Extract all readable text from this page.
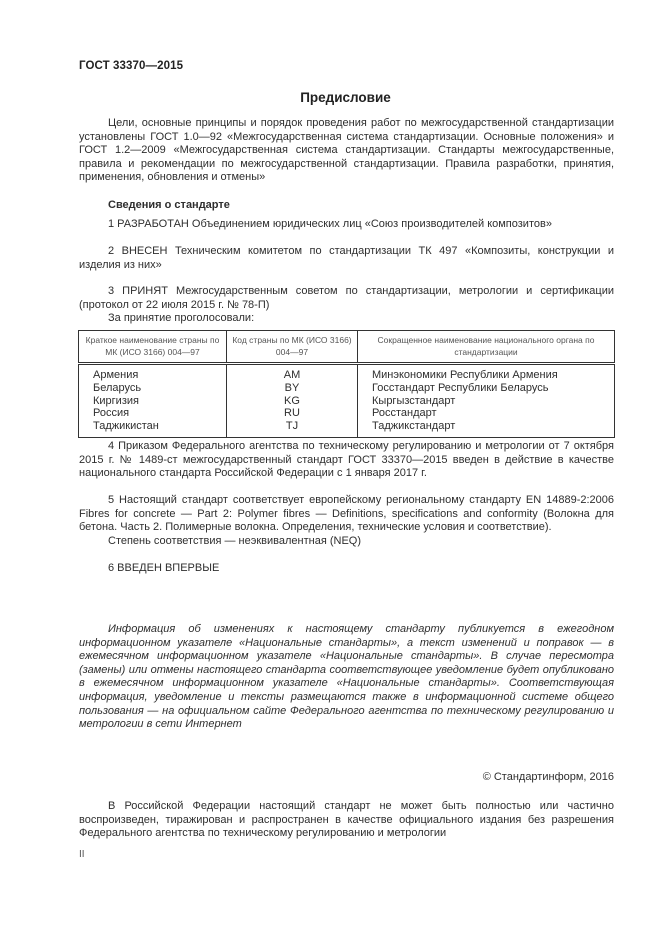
ГОСТ 33370—2015
Предисловие

Цели, основные принципы и порядок проведения работ по межгосударственной стандартизации установлены ГОСТ 1.0—92 «Межгосударственная система стандартизации. Основные положения» и ГОСТ 1.2—2009 «Межгосударственная система стандартизации. Стандарты межгосударственные, правила и рекомендации по межгосударственной стандартизации. Правила разработки, принятия, применения, обновления и отмены»

Сведения о стандарте

1 РАЗРАБОТАН Объединением юридических лиц «Союз производителей композитов»

2 ВНЕСЕН Техническим комитетом по стандартизации ТК 497 «Композиты, конструкции и изделия из них»

3 ПРИНЯТ Межгосударственным советом по стандартизации, метрологии и сертификации (протокол от 22 июля 2015 г. № 78-П)

За принятие проголосовали:

Краткое наименование страны по МК (ИСО 3166) 004—97	Код страны по МК (ИСО 3166) 004—97	Сокращенное наименование национального органа по стандартизации
Армения	AM	Минэкономики Республики Армения
Беларусь	BY	Госстандарт Республики Беларусь
Киргизия	KG	Кыргызстандарт
Россия	RU	Росстандарт
Таджикистан	TJ	Таджикстандарт

4 Приказом Федерального агентства по техническому регулированию и метрологии от 7 октября 2015 г. № 1489-ст межгосударственный стандарт ГОСТ 33370—2015 введен в действие в качестве национального стандарта Российской Федерации с 1 января 2017 г.

5 Настоящий стандарт соответствует европейскому региональному стандарту EN 14889-2:2006 Fibres for concrete — Part 2: Polymer fibres — Definitions, specifications and conformity (Волокна для бетона. Часть 2. Полимерные волокна. Определения, технические условия и соответствие).

Степень соответствия — неэквивалентная (NEQ)

6 ВВЕДЕН ВПЕРВЫЕ

Информация об изменениях к настоящему стандарту публикуется в ежегодном информационном указателе «Национальные стандарты», а текст изменений и поправок — в ежемесячном информационном указателе «Национальные стандарты». В случае пересмотра (замены) или отмены настоящего стандарта соответствующее уведомление будет опубликовано в ежемесячном информационном указателе «Национальные стандарты». Соответствующая информация, уведомление и тексты размещаются также в информационной системе общего пользования — на официальном сайте Федерального агентства по техническому регулированию и метрологии в сети Интернет

© Стандартинформ, 2016

В Российской Федерации настоящий стандарт не может быть полностью или частично воспроизведен, тиражирован и распространен в качестве официального издания без разрешения Федерального агентства по техническому регулированию и метрологии

II
